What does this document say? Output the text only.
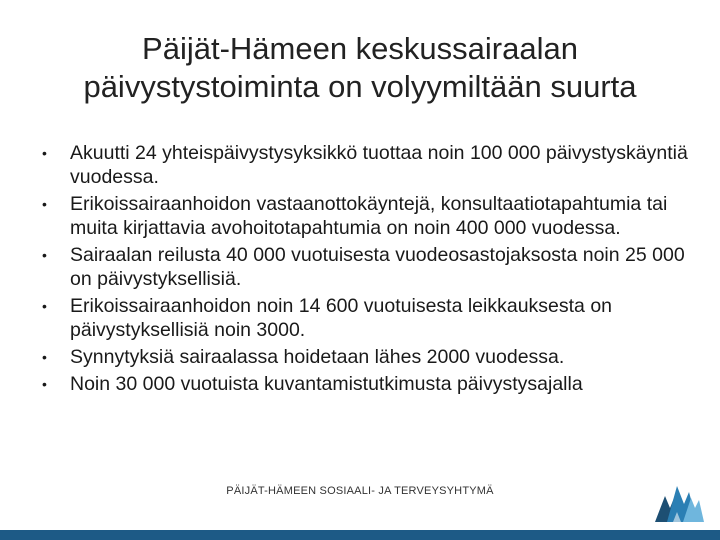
Päijät-Hämeen keskussairaalan
päivystystoiminta on volyymiltään suurta
• Akuutti 24 yhteispäivystysyksikkö tuottaa noin 100 000 päivystyskäyntiä vuodessa.
• Erikoissairaanhoidon vastaanottokäyntejä, konsultaatiotapahtumia tai muita kirjattavia avohoitotapahtumia on noin 400 000 vuodessa.
• Sairaalan reilusta 40 000 vuotuisesta vuodeosastojaksosta noin 25 000 on päivystyksellisiä.
• Erikoissairaanhoidon noin 14 600 vuotuisesta leikkauksesta on päivystyksellisiä noin 3000.
• Synnytyksiä sairaalassa hoidetaan lähes 2000 vuodessa.
• Noin 30 000 vuotuista kuvantamistutkimusta päivystysajalla
PÄIJÄT-HÄMEEN SOSIAALI- JA TERVEYSYHTYMÄ
